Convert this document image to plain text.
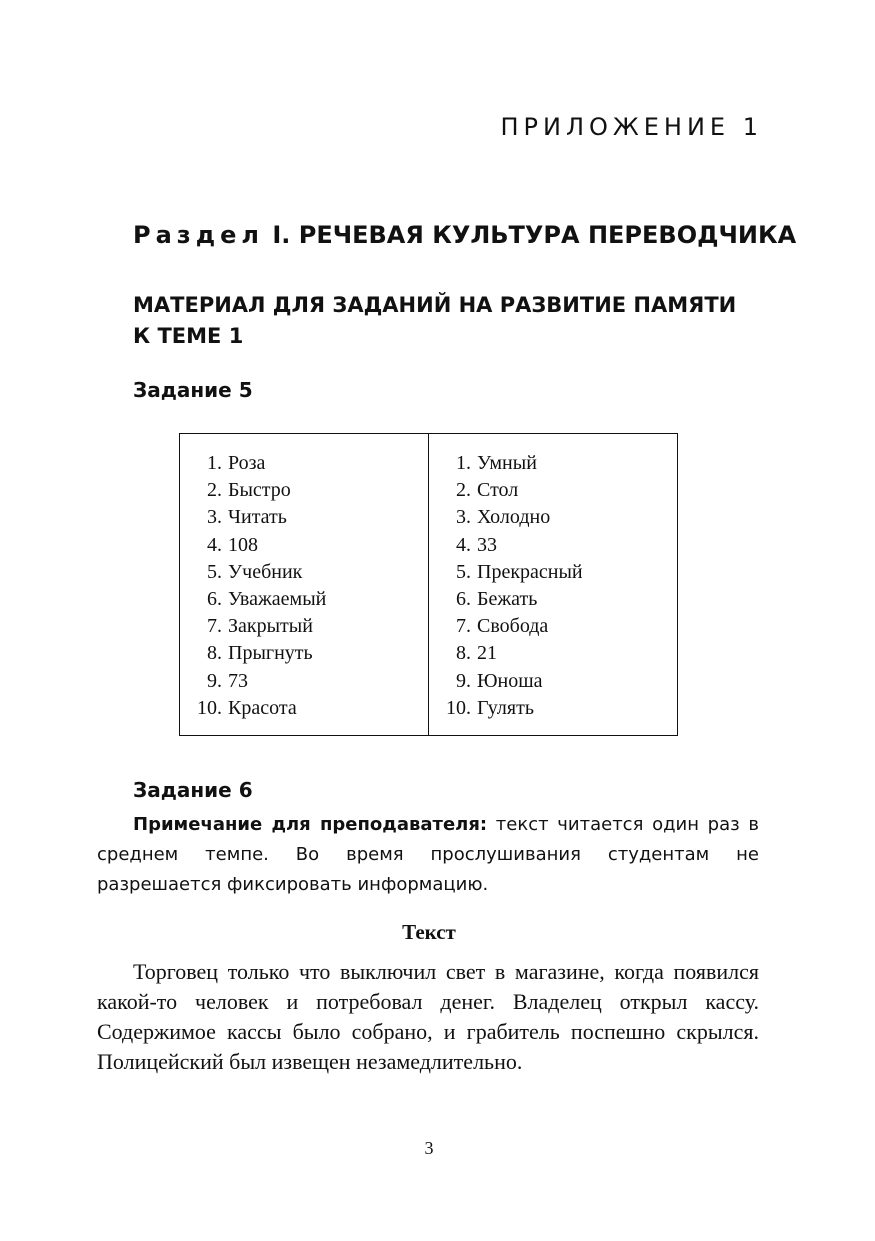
ПРИЛОЖЕНИЕ 1
Раздел I. РЕЧЕВАЯ КУЛЬТУРА ПЕРЕВОДЧИКА
МАТЕРИАЛ ДЛЯ ЗАДАНИЙ НА РАЗВИТИЕ ПАМЯТИ
К ТЕМЕ 1
Задание 5
1. Роза
2. Быстро
3. Читать
4. 108
5. Учебник
6. Уважаемый
7. Закрытый
8. Прыгнуть
9. 73
10. Красота
1. Умный
2. Стол
3. Холодно
4. 33
5. Прекрасный
6. Бежать
7. Свобода
8. 21
9. Юноша
10. Гулять
Задание 6
Примечание для преподавателя: текст читается один раз в среднем темпе. Во время прослушивания студентам не разрешается фиксировать информацию.
Текст

Торговец только что выключил свет в магазине, когда появился какой-то человек и потребовал денег. Владелец открыл кассу. Содержимое кассы было собрано, и грабитель поспешно скрылся. Полицейский был извещен незамедлительно.

3
